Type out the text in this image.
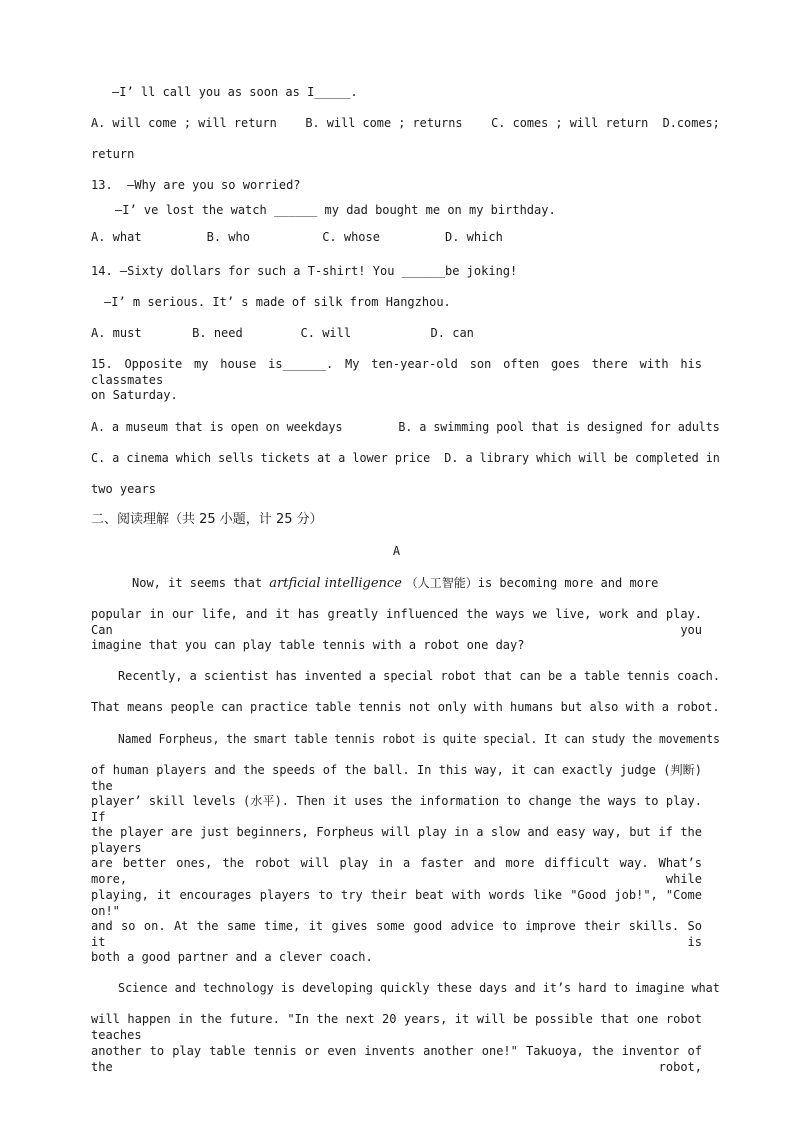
—I’ ll call you as soon as I_____.
A. will come ; will return    B. will come ; returns    C. comes ; will return  D.comes;
return
13.  –Why are you so worried?
–I’ ve lost the watch ______ my dad bought me on my birthday.
A. what         B. who          C. whose         D. which
14. —Sixty dollars for such a T-shirt! You ______be joking!
—I’ m serious. It’ s made of silk from Hangzhou.
A. must       B. need        C. will           D. can
15. Opposite my house is______. My ten-year-old son often goes there with his classmates
on Saturday.
A. a museum that is open on weekdays        B. a swimming pool that is designed for adults
C. a cinema which sells tickets at a lower price  D. a library which will be completed in
two years
二、阅读理解（共 25 小题，计 25 分）
A
Now, it seems that artficial intelligence （人工智能）is becoming more and more
popular in our life, and it has greatly influenced the ways we live, work and play. Can you
imagine that you can play table tennis with a robot one day?
Recently, a scientist has invented a special robot that can be a table tennis coach.
That means people can practice table tennis not only with humans but also with a robot.
Named Forpheus, the smart table tennis robot is quite special. It can study the movements
of human players and the speeds of the ball. In this way, it can exactly judge (判断) the
player’ skill levels (水平). Then it uses the information to change the ways to play. If
the player are just beginners, Forpheus will play in a slow and easy way, but if the players
are better ones, the robot will play in a faster and more difficult way. What’s more, while
playing, it encourages players to try their beat with words like "Good job!", "Come on!"
and so on. At the same time, it gives some good advice to improve their skills. So it is
both a good partner and a clever coach.
Science and technology is developing quickly these days and it’s hard to imagine what
will happen in the future. "In the next 20 years, it will be possible that one robot teaches
another to play table tennis or even invents another one!" Takuoya, the inventor of the robot,
